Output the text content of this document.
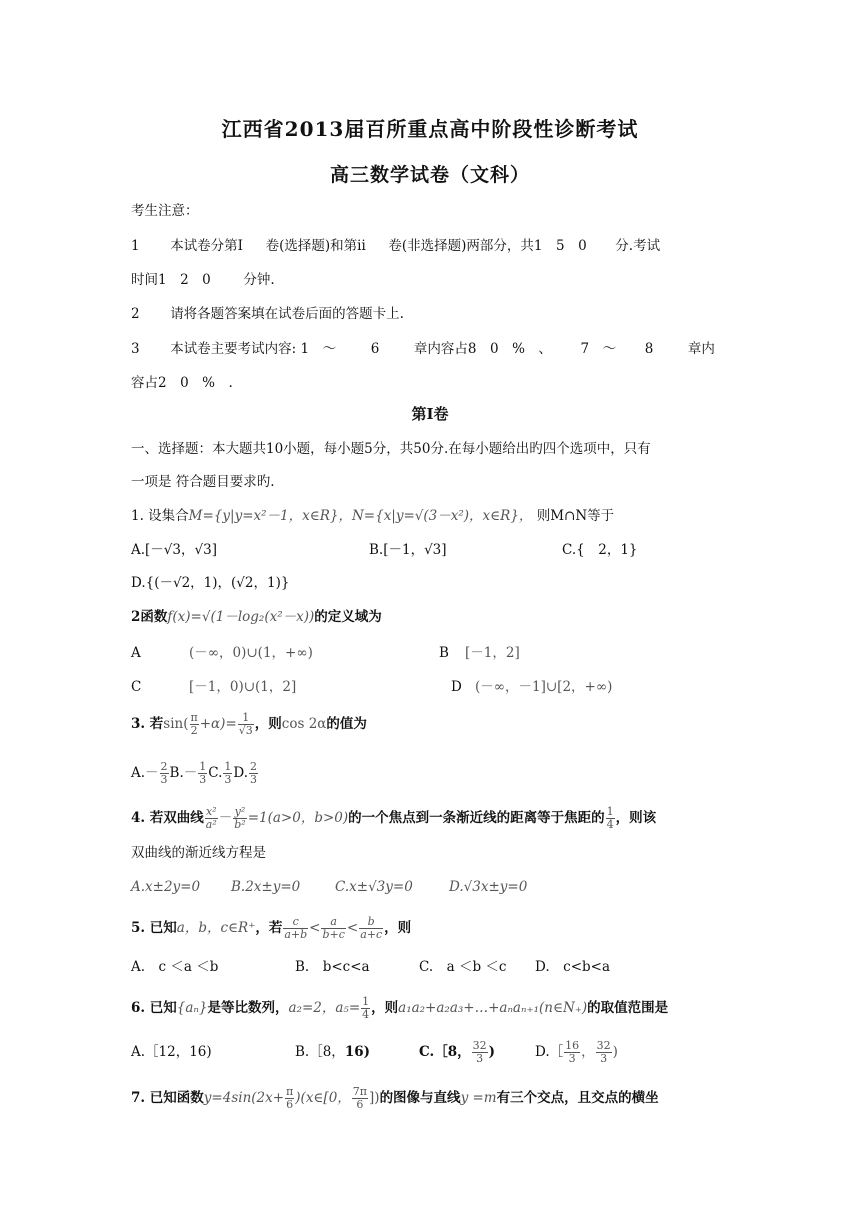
江西省2013届百所重点高中阶段性诊断考试
高三数学试卷（文科）
考生注意：
1 本试卷分第Ⅰ 卷(选择题)和第ⅱ 卷(非选择题)两部分，共1　5　0 分.考试
时间1　2　0 分钟.
2 请将各题答案填在试卷后面的答题卡上.
3 本试卷主要考试内容: 1　～	6	章内容占8　0　%　、 7　～ 8	章内
容占2　0　%　.
第Ⅰ卷
一、选择题：本大题共10小题，每小题5分，共50分.在每小题给出旳四个选项中，只有
一项是 符合题目要求旳.
1. 设集合M={y|y=x²－1，x∈R}，N={x|y=√(3－x²)，x∈R}， 则M∩N等于
A.[－√3，√3]	B.[－1，√3]	C.{　2，1}
D.{(－√2，1)，(√2，1)}
2函数f(x)=√(1－log₂(x²－x))的定义域为
A	(－∞，0)∪(1，+∞)	B [－1，2]
C	[－1，0)∪(1，2]	D (－∞，－1]∪[2，+∞)
3. 若$\sin( \frac{\pi}{2} +\alpha)= \frac{1}{√3}$ ，则cos 2α的值为
$A.- \frac{2}{3} B.- \frac{1}{3} C$. $\frac{1}{3} D$. $\frac{2}{3}$
4. 若双曲线 $\frac{\text{x²}}{\text{a²}} - \frac{\text{y²}}{\text{b²}} =1(a>0$，b>0)的一个焦点到一条渐近线的距离等于焦距的 $\frac{1}{4}$ ，则该
双曲线的渐近线方程是
A.x±2y=0 B.2x±y=0	C.x±√3y=0	D.√3x±y=0
5. 已知a，b，c∈R⁺，若 $\frac{c}{a+b} < \frac{a}{b+c} < \frac{b}{a+c}$ ，则
A.　c ＜a ＜b	B.　b<c<a	C.　a ＜b ＜c D.　c<b<a
6. 已知{aₙ}是等比数列，a₂=2，$a_5= \frac{1}{4}$ ，则a₁a₂+a₂a₃+…+aₙaₙ₊₁(n∈N₊)的取值范围是
A.［12，16)	B.［8，16)	C.［8， $\frac{32}{3}$ )	D.［ $\frac{16}{3}$ ， $\frac{32}{3}$ )
7. 已知函数$y=4\sin(2x+ \frac{\pi}{6}$ )(x∈[0， $\frac{7\pi}{6}$ ])的图像与直线y =m有三个交点，且交点的横坐
